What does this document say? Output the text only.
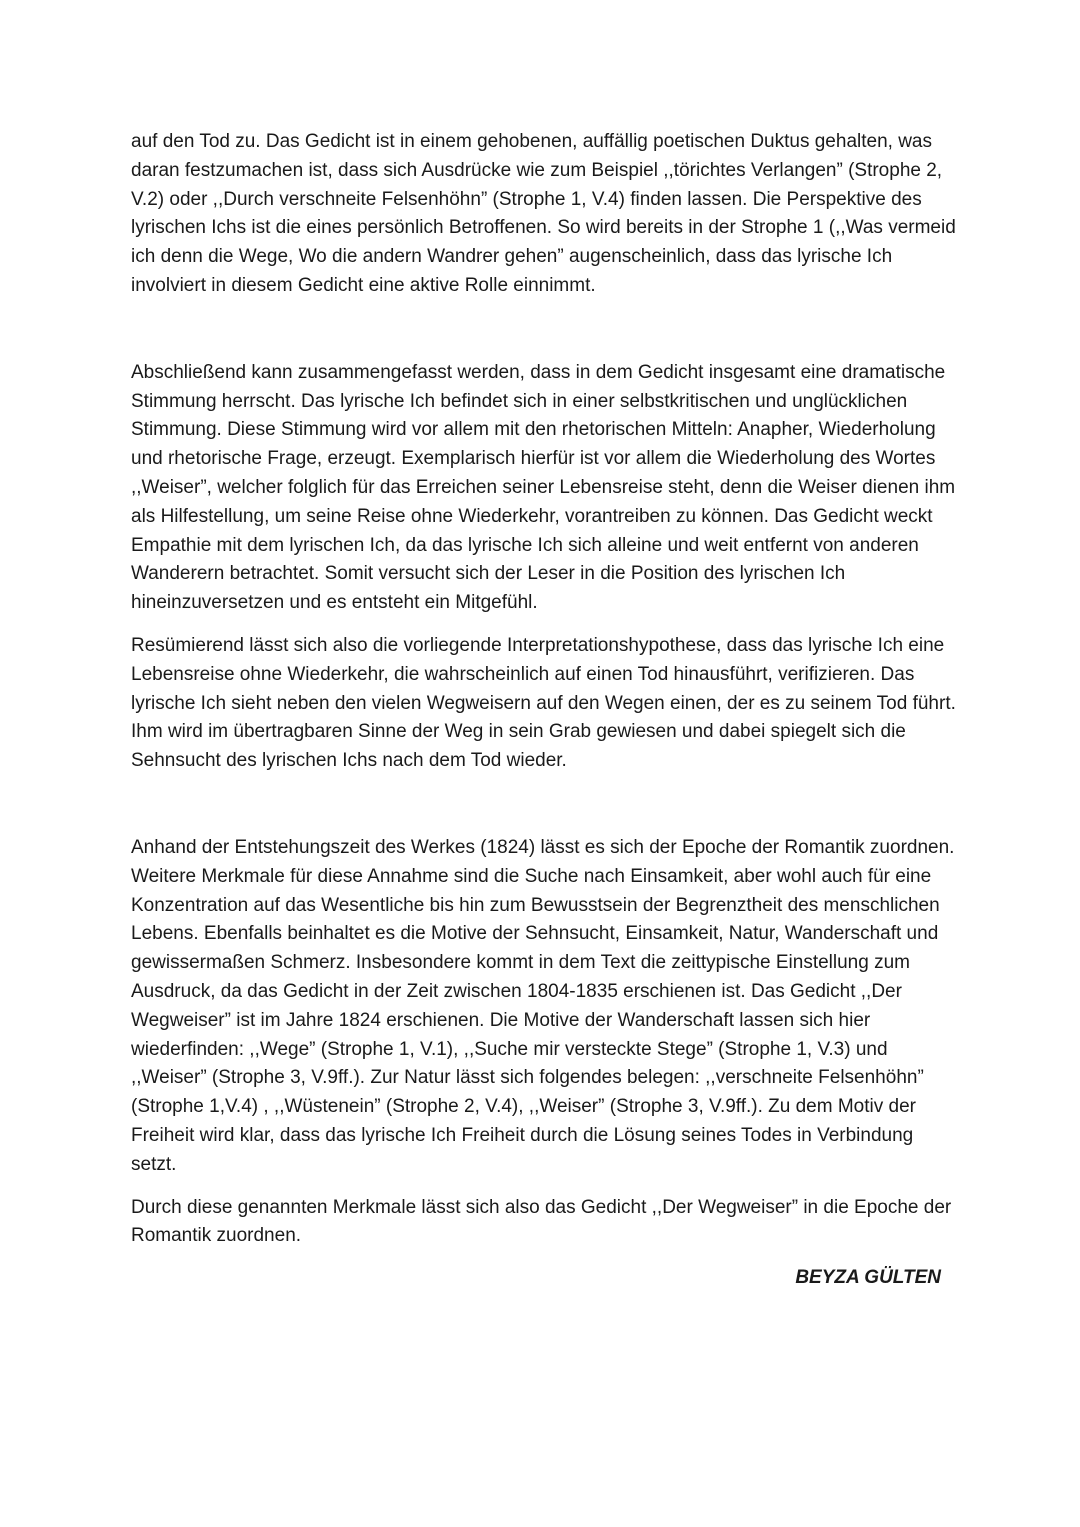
auf den Tod zu. Das Gedicht ist in einem gehobenen, auffällig poetischen Duktus gehalten, was daran festzumachen ist, dass sich Ausdrücke wie zum Beispiel ,,törichtes Verlangen” (Strophe 2, V.2) oder ,,Durch verschneite Felsenhöhn” (Strophe 1, V.4) finden lassen. Die Perspektive des lyrischen Ichs ist die eines persönlich Betroffenen. So wird bereits in der Strophe 1 (,,Was vermeid ich denn die Wege, Wo die andern Wandrer gehen” augenscheinlich, dass das lyrische Ich involviert in diesem Gedicht eine aktive Rolle einnimmt.

Abschließend kann zusammengefasst werden, dass in dem Gedicht insgesamt eine dramatische Stimmung herrscht. Das lyrische Ich befindet sich in einer selbstkritischen und unglücklichen Stimmung. Diese Stimmung wird vor allem mit den rhetorischen Mitteln: Anapher, Wiederholung und rhetorische Frage, erzeugt. Exemplarisch hierfür ist vor allem die Wiederholung des Wortes ,,Weiser”, welcher folglich für das Erreichen seiner Lebensreise steht, denn die Weiser dienen ihm als Hilfestellung, um seine Reise ohne Wiederkehr, vorantreiben zu können. Das Gedicht weckt Empathie mit dem lyrischen Ich, da das lyrische Ich sich alleine und weit entfernt von anderen Wanderern betrachtet. Somit versucht sich der Leser in die Position des lyrischen Ich hineinzuversetzen und es entsteht ein Mitgefühl.

Resümierend lässt sich also die vorliegende Interpretationshypothese, dass das lyrische Ich eine Lebensreise ohne Wiederkehr, die wahrscheinlich auf einen Tod hinausführt, verifizieren. Das lyrische Ich sieht neben den vielen Wegweisern auf den Wegen einen, der es zu seinem Tod führt. Ihm wird im übertragbaren Sinne der Weg in sein Grab gewiesen und dabei spiegelt sich die Sehnsucht des lyrischen Ichs nach dem Tod wieder.

Anhand der Entstehungszeit des Werkes (1824) lässt es sich der Epoche der Romantik zuordnen. Weitere Merkmale für diese Annahme sind die Suche nach Einsamkeit, aber wohl auch für eine Konzentration auf das Wesentliche bis hin zum Bewusstsein der Begrenztheit des menschlichen Lebens. Ebenfalls beinhaltet es die Motive der Sehnsucht, Einsamkeit, Natur, Wanderschaft und gewissermaßen Schmerz. Insbesondere kommt in dem Text die zeittypische Einstellung zum Ausdruck, da das Gedicht in der Zeit zwischen 1804-1835 erschienen ist. Das Gedicht ,,Der Wegweiser” ist im Jahre 1824 erschienen. Die Motive der Wanderschaft lassen sich hier wiederfinden: ,,Wege” (Strophe 1, V.1), ,,Suche mir versteckte Stege” (Strophe 1, V.3) und ,,Weiser” (Strophe 3, V.9ff.). Zur Natur lässt sich folgendes belegen: ,,verschneite Felsenhöhn” (Strophe 1,V.4) , ,,Wüstenein” (Strophe 2, V.4), ,,Weiser” (Strophe 3, V.9ff.). Zu dem Motiv der Freiheit wird klar, dass das lyrische Ich Freiheit durch die Lösung seines Todes in Verbindung setzt.

Durch diese genannten Merkmale lässt sich also das Gedicht ,,Der Wegweiser” in die Epoche der Romantik zuordnen.

BEYZA GÜLTEN
